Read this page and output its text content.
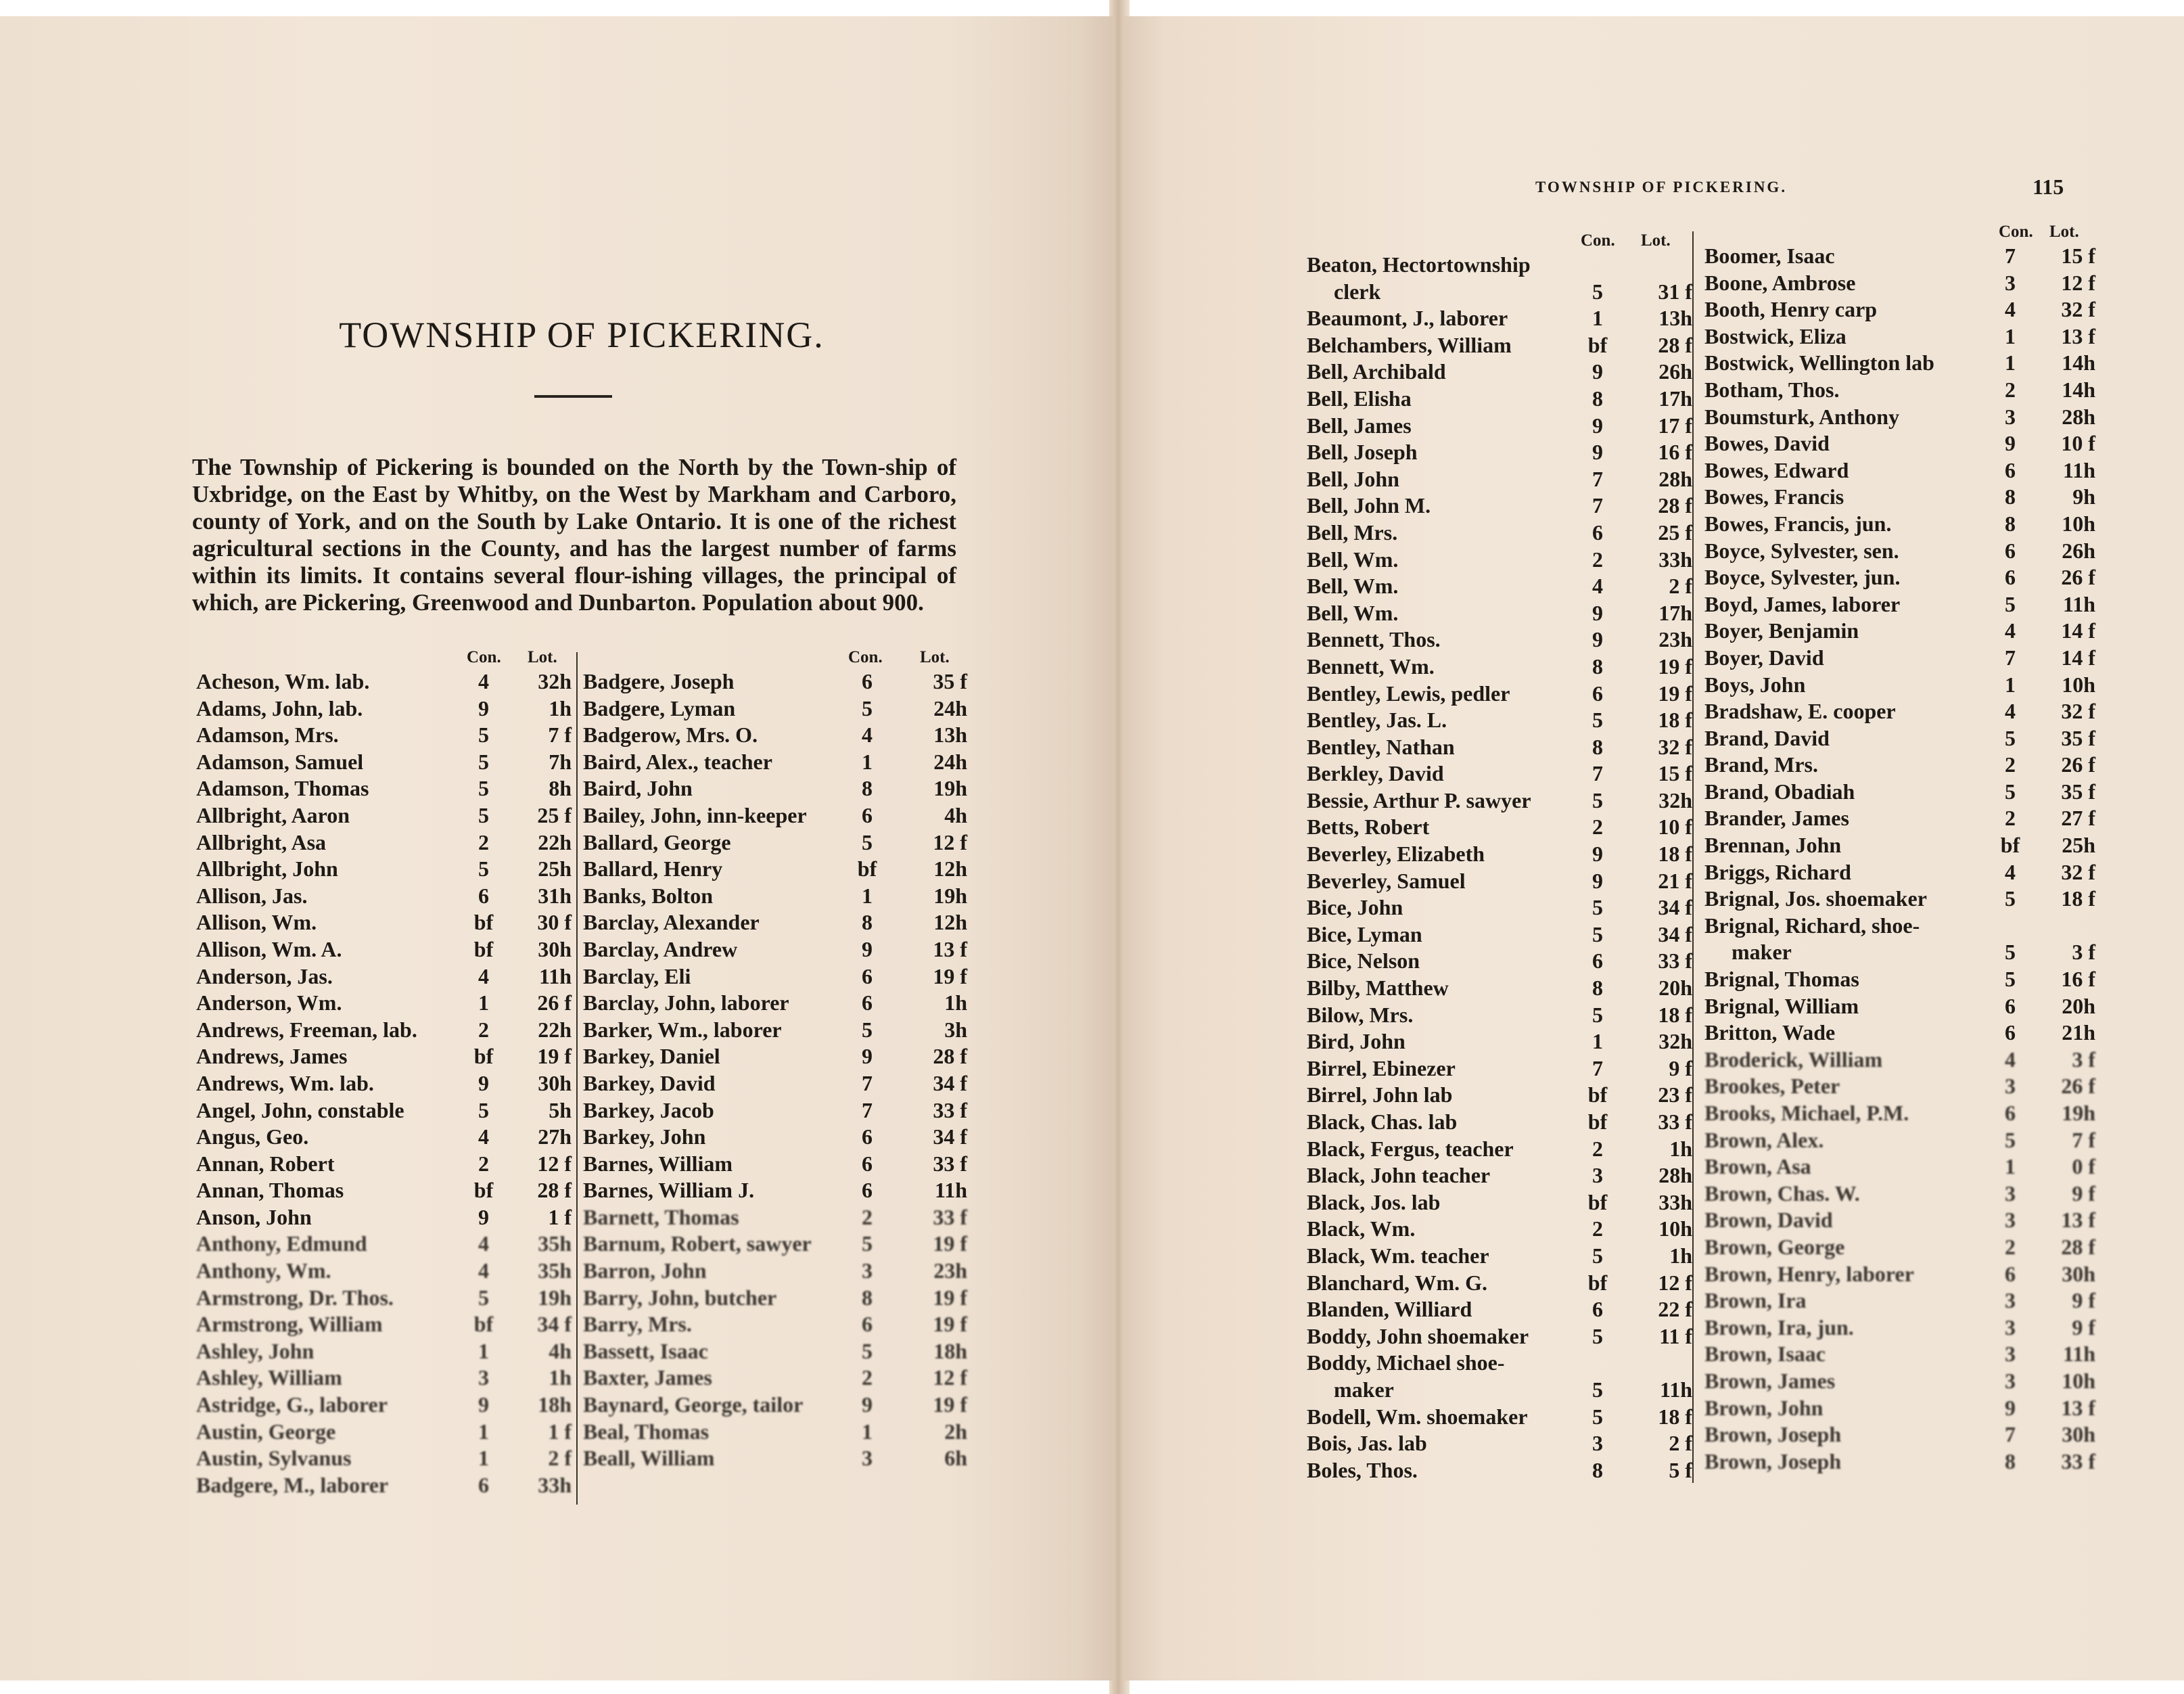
TOWNSHIP OF PICKERING.

The Township of Pickering is bounded on the North by the Town-ship of Uxbridge, on the East by Whitby, on the West by Markham and Carboro, county of York, and on the South by Lake Ontario. It is one of the richest agricultural sections in the County, and has the largest number of farms within its limits. It contains several flour-ishing villages, the principal of which, are Pickering, Greenwood and Dunbarton. Population about 900.

Con. Lot.
Acheson, Wm. lab.	4	32h
Adams, John, lab.	9	1h
Adamson, Mrs.	5	7 f
Adamson, Samuel	5	7h
Adamson, Thomas	5	8h
Allbright, Aaron	5	25 f
Allbright, Asa	2	22h
Allbright, John	5	25h
Allison, Jas.	6	31h
Allison, Wm.	bf	30 f
Allison, Wm. A.	bf	30h
Anderson, Jas.	4	11h
Anderson, Wm.	1	26 f
Andrews, Freeman, lab.	2	22h
Andrews, James	bf	19 f
Andrews, Wm. lab.	9	30h
Angel, John, constable	5	5h
Angus, Geo.	4	27h
Annan, Robert	2	12 f
Annan, Thomas	bf	28 f
Anson, John	9	1 f
Anthony, Edmund	4	35h
Anthony, Wm.	4	35h
Armstrong, Dr. Thos.	5	19h
Armstrong, William	bf	34 f
Ashley, John	1	4h
Ashley, William	3	1h
Astridge, G., laborer	9	18h
Austin, George	1	1 f
Austin, Sylvanus	1	2 f
Badgere, M., laborer	6	33h
Con. Lot.
Badgere, Joseph	6	35 f
Badgere, Lyman	5	24h
Badgerow, Mrs. O.	4	13h
Baird, Alex., teacher	1	24h
Baird, John	8	19h
Bailey, John, inn-keeper	6	4h
Ballard, George	5	12 f
Ballard, Henry	bf	12h
Banks, Bolton	1	19h
Barclay, Alexander	8	12h
Barclay, Andrew	9	13 f
Barclay, Eli	6	19 f
Barclay, John, laborer	6	1h
Barker, Wm., laborer	5	3h
Barkey, Daniel	9	28 f
Barkey, David	7	34 f
Barkey, Jacob	7	33 f
Barkey, John	6	34 f
Barnes, William	6	33 f
Barnes, William J.	6	11h
Barnett, Thomas	2	33 f
Barnum, Robert, sawyer	5	19 f
Barron, John	3	23h
Barry, John, butcher	8	19 f
Barry, Mrs.	6	19 f
Bassett, Isaac	5	18h
Baxter, James	2	12 f
Baynard, George, tailor	9	19 f
Beal, Thomas	1	2h
Beall, William	3	6h
TOWNSHIP OF PICKERING.	115
Con. Lot.
Beaton, Hectortownship
clerk	5	31 f
Beaumont, J., laborer	1	13h
Belchambers, William	bf	28 f
Bell, Archibald	9	26h
Bell, Elisha	8	17h
Bell, James	9	17 f
Bell, Joseph	9	16 f
Bell, John	7	28h
Bell, John M.	7	28 f
Bell, Mrs.	6	25 f
Bell, Wm.	2	33h
Bell, Wm.	4	2 f
Bell, Wm.	9	17h
Bennett, Thos.	9	23h
Bennett, Wm.	8	19 f
Bentley, Lewis, pedler	6	19 f
Bentley, Jas. L.	5	18 f
Bentley, Nathan	8	32 f
Berkley, David	7	15 f
Bessie, Arthur P. sawyer	5	32h
Betts, Robert	2	10 f
Beverley, Elizabeth	9	18 f
Beverley, Samuel	9	21 f
Bice, John	5	34 f
Bice, Lyman	5	34 f
Bice, Nelson	6	33 f
Bilby, Matthew	8	20h
Bilow, Mrs.	5	18 f
Bird, John	1	32h
Birrel, Ebinezer	7	9 f
Birrel, John lab	bf	23 f
Black, Chas. lab	bf	33 f
Black, Fergus, teacher	2	1h
Black, John teacher	3	28h
Black, Jos. lab	bf	33h
Black, Wm.	2	10h
Black, Wm. teacher	5	1h
Blanchard, Wm. G.	bf	12 f
Blanden, Williard	6	22 f
Boddy, John shoemaker	5	11 f
Boddy, Michael shoe-
maker	5	11h
Bodell, Wm. shoemaker	5	18 f
Bois, Jas. lab	3	2 f
Boles, Thos.	8	5 f
Con. Lot.
Boomer, Isaac	7	15 f
Boone, Ambrose	3	12 f
Booth, Henry carp	4	32 f
Bostwick, Eliza	1	13 f
Bostwick, Wellington lab	1	14h
Botham, Thos.	2	14h
Boumsturk, Anthony	3	28h
Bowes, David	9	10 f
Bowes, Edward	6	11h
Bowes, Francis	8	9h
Bowes, Francis, jun.	8	10h
Boyce, Sylvester, sen.	6	26h
Boyce, Sylvester, jun.	6	26 f
Boyd, James, laborer	5	11h
Boyer, Benjamin	4	14 f
Boyer, David	7	14 f
Boys, John	1	10h
Bradshaw, E. cooper	4	32 f
Brand, David	5	35 f
Brand, Mrs.	2	26 f
Brand, Obadiah	5	35 f
Brander, James	2	27 f
Brennan, John	bf	25h
Briggs, Richard	4	32 f
Brignal, Jos. shoemaker	5	18 f
Brignal, Richard, shoe-
maker	5	3 f
Brignal, Thomas	5	16 f
Brignal, William	6	20h
Britton, Wade	6	21h
Broderick, William	4	3 f
Brookes, Peter	3	26 f
Brooks, Michael, P.M.	6	19h
Brown, Alex.	5	7 f
Brown, Asa	1	0 f
Brown, Chas. W.	3	9 f
Brown, David	3	13 f
Brown, George	2	28 f
Brown, Henry, laborer	6	30h
Brown, Ira	3	9 f
Brown, Ira, jun.	3	9 f
Brown, Isaac	3	11h
Brown, James	3	10h
Brown, John	9	13 f
Brown, Joseph	7	30h
Brown, Joseph	8	33 f
